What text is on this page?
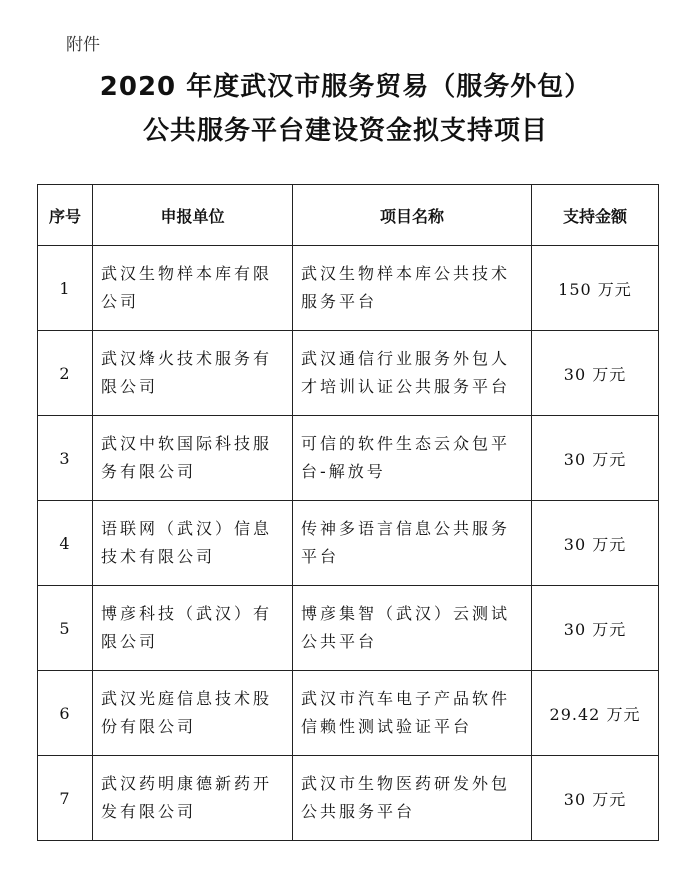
附件
2020 年度武汉市服务贸易（服务外包）
公共服务平台建设资金拟支持项目
序号	申报单位	项目名称	支持金额
1	武汉生物样本库有限公司	武汉生物样本库公共技术服务平台	150 万元
2	武汉烽火技术服务有限公司	武汉通信行业服务外包人才培训认证公共服务平台	30 万元
3	武汉中软国际科技服务有限公司	可信的软件生态云众包平台-解放号	30 万元
4	语联网（武汉）信息技术有限公司	传神多语言信息公共服务平台	30 万元
5	博彦科技（武汉）有限公司	博彦集智（武汉）云测试公共平台	30 万元
6	武汉光庭信息技术股份有限公司	武汉市汽车电子产品软件信赖性测试验证平台	29.42 万元
7	武汉药明康德新药开发有限公司	武汉市生物医药研发外包公共服务平台	30 万元
